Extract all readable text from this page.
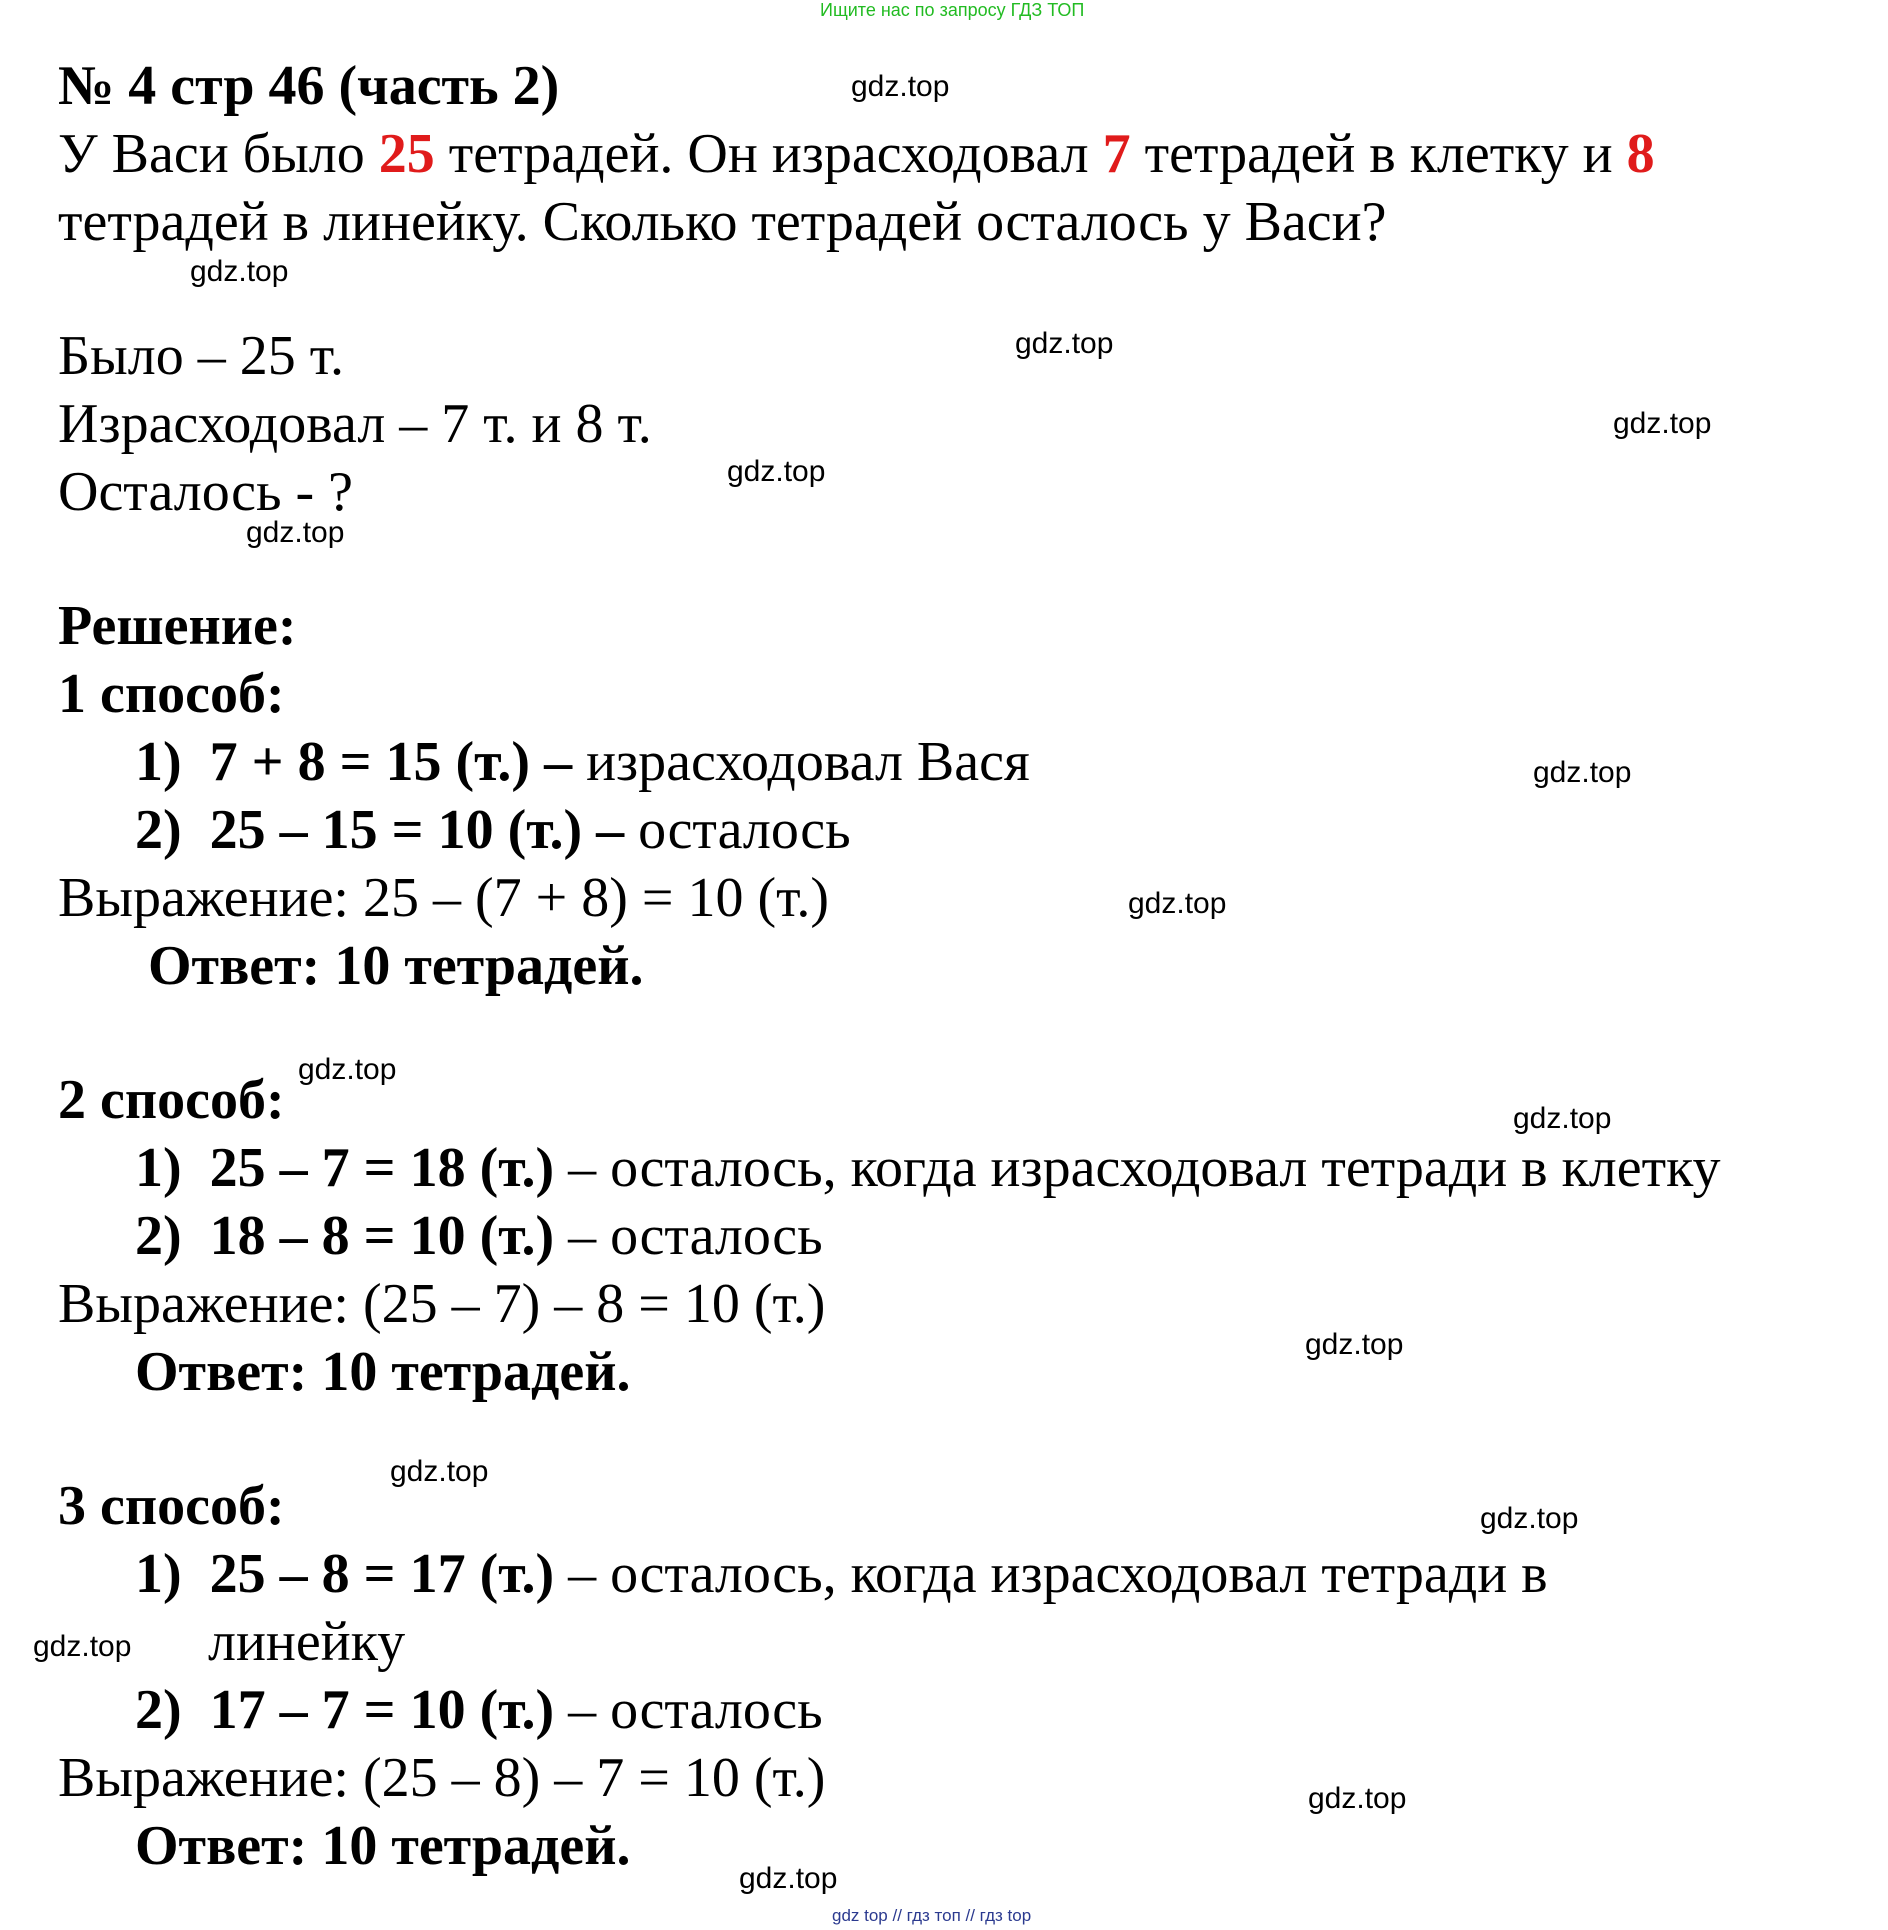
Ищите нас по запросу ГДЗ ТОП
№ 4 стр 46 (часть 2)
У Васи было 25 тетрадей. Он израсходовал 7 тетрадей в клетку и 8
тетрадей в линейку. Сколько тетрадей осталось у Васи?
Было – 25 т.
Израсходовал – 7 т. и 8 т.
Осталось - ?
Решение:
1 способ:
1) 7 + 8 = 15 (т.) – израсходовал Вася
2) 25 – 15 = 10 (т.) – осталось
Выражение: 25 – (7 + 8) = 10 (т.)
Ответ: 10 тетрадей.
2 способ:
1) 25 – 7 = 18 (т.) – осталось, когда израсходовал тетради в клетку
2) 18 – 8 = 10 (т.) – осталось
Выражение: (25 – 7) – 8 = 10 (т.)
Ответ: 10 тетрадей.
3 способ:
1) 25 – 8 = 17 (т.) – осталось, когда израсходовал тетради в
линейку
2) 17 – 7 = 10 (т.) – осталось
Выражение: (25 – 8) – 7 = 10 (т.)
Ответ: 10 тетрадей.
gdz.top
gdz.top
gdz.top
gdz.top
gdz.top
gdz.top
gdz.top
gdz.top
gdz.top
gdz.top
gdz.top
gdz.top
gdz.top
gdz.top
gdz.top
gdz.top
gdz top // гдз топ // гдз top
